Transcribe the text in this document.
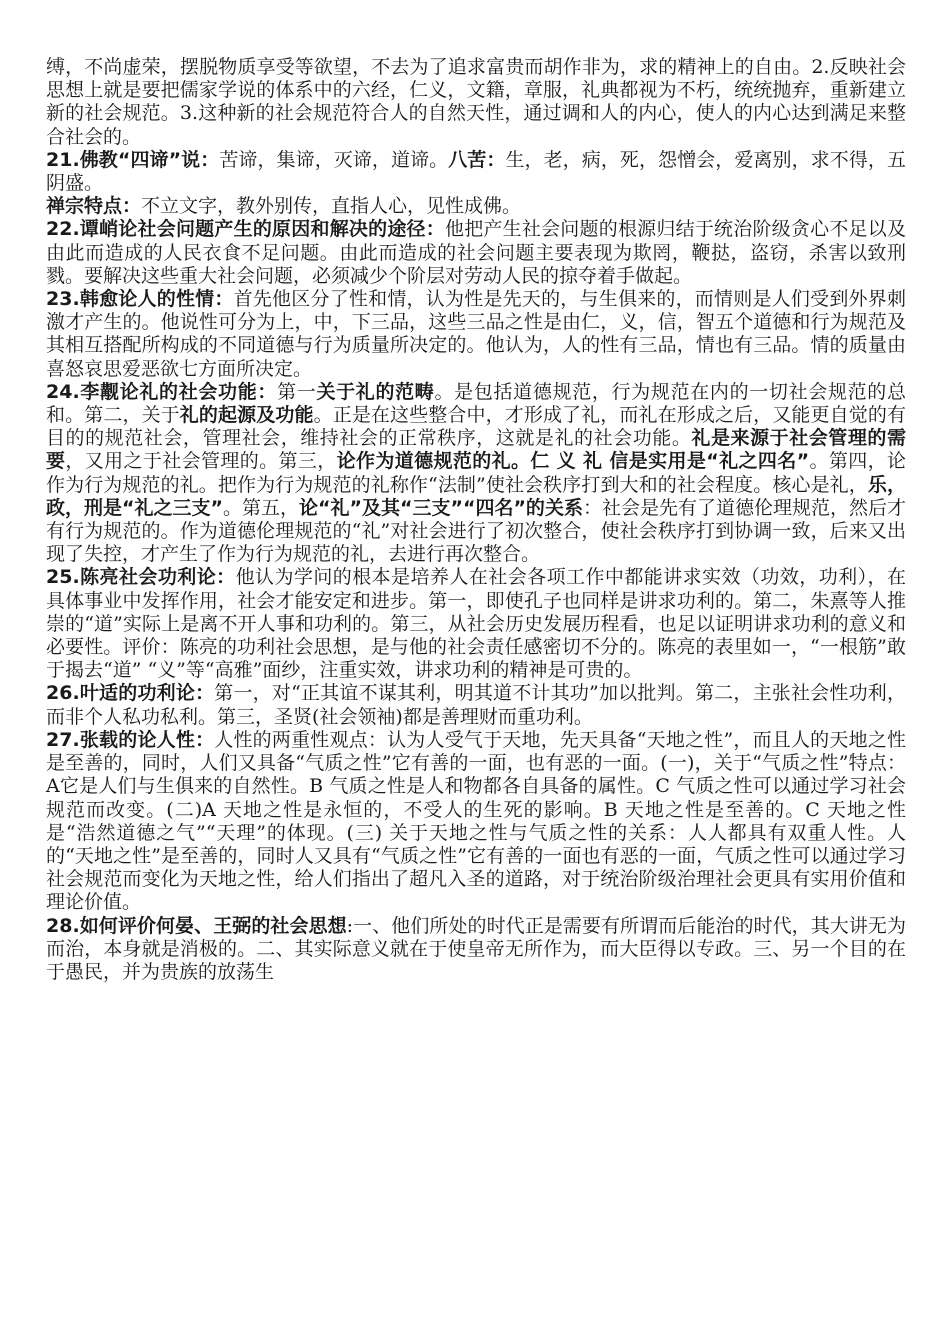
缚，不尚虚荣，摆脱物质享受等欲望，不去为了追求富贵而胡作非为，求的精神上的自由。2.反映社会思想上就是要把儒家学说的体系中的六经，仁义，文籍，章服，礼典都视为不朽，统统抛弃，重新建立新的社会规范。3.这种新的社会规范符合人的自然天性，通过调和人的内心，使人的内心达到满足来整合社会的。
21.佛教“四谛”说：苦谛，集谛，灭谛，道谛。八苦：生，老，病，死，怨憎会，爱离别，求不得，五阴盛。
禅宗特点：不立文字，教外别传，直指人心，见性成佛。
22.谭峭论社会问题产生的原因和解决的途径：他把产生社会问题的根源归结于统治阶级贪心不足以及由此而造成的人民衣食不足问题。由此而造成的社会问题主要表现为欺罔，鞭挞，盗窃，杀害以致刑戮。要解决这些重大社会问题，必须减少个阶层对劳动人民的掠夺着手做起。
23.韩愈论人的性情：首先他区分了性和情，认为性是先天的，与生俱来的，而情则是人们受到外界刺激才产生的。他说性可分为上，中，下三品，这些三品之性是由仁，义，信，智五个道德和行为规范及其相互搭配所构成的不同道德与行为质量所决定的。他认为，人的性有三品，情也有三品。情的质量由喜怒哀思爱恶欲七方面所决定。
24.李觏论礼的社会功能：第一关于礼的范畴。是包括道德规范，行为规范在内的一切社会规范的总和。第二，关于礼的起源及功能。正是在这些整合中，才形成了礼，而礼在形成之后，又能更自觉的有目的的规范社会，管理社会，维持社会的正常秩序，这就是礼的社会功能。礼是来源于社会管理的需要，又用之于社会管理的。第三，论作为道德规范的礼。仁 义 礼 信是实用是“礼之四名”。第四，论作为行为规范的礼。把作为行为规范的礼称作“法制”使社会秩序打到大和的社会程度。核心是礼，乐，政，刑是“礼之三支”。第五，论“礼”及其“三支”“四名”的关系：社会是先有了道德伦理规范，然后才有行为规范的。作为道德伦理规范的“礼”对社会进行了初次整合，使社会秩序打到协调一致，后来又出现了失控，才产生了作为行为规范的礼，去进行再次整合。
25.陈亮社会功利论：他认为学问的根本是培养人在社会各项工作中都能讲求实效（功效，功利），在具体事业中发挥作用，社会才能安定和进步。第一，即使孔子也同样是讲求功利的。第二，朱熹等人推崇的“道”实际上是离不开人事和功利的。第三，从社会历史发展历程看，也足以证明讲求功利的意义和必要性。评价：陈亮的功利社会思想，是与他的社会责任感密切不分的。陈亮的表里如一，“一根筋”敢于揭去“道” “义”等“高雅”面纱，注重实效，讲求功利的精神是可贵的。
26.叶适的功利论：第一，对“正其谊不谋其利，明其道不计其功”加以批判。第二，主张社会性功利，而非个人私功私利。第三，圣贤(社会领袖)都是善理财而重功利。
27.张载的论人性：人性的两重性观点：认为人受气于天地，先天具备“天地之性”，而且人的天地之性是至善的，同时，人们又具备“气质之性”它有善的一面，也有恶的一面。(一)，关于“气质之性”特点：A它是人们与生俱来的自然性。B 气质之性是人和物都各自具备的属性。C 气质之性可以通过学习社会规范而改变。(二)A 天地之性是永恒的，不受人的生死的影响。B 天地之性是至善的。C 天地之性是“浩然道德之气”“天理”的体现。(三) 关于天地之性与气质之性的关系：人人都具有双重人性。人的“天地之性”是至善的，同时人又具有“气质之性”它有善的一面也有恶的一面，气质之性可以通过学习社会规范而变化为天地之性，给人们指出了超凡入圣的道路，对于统治阶级治理社会更具有实用价值和理论价值。
28.如何评价何晏、王弼的社会思想:一、他们所处的时代正是需要有所谓而后能治的时代，其大讲无为而治，本身就是消极的。二、其实际意义就在于使皇帝无所作为，而大臣得以专政。三、另一个目的在于愚民，并为贵族的放荡生
